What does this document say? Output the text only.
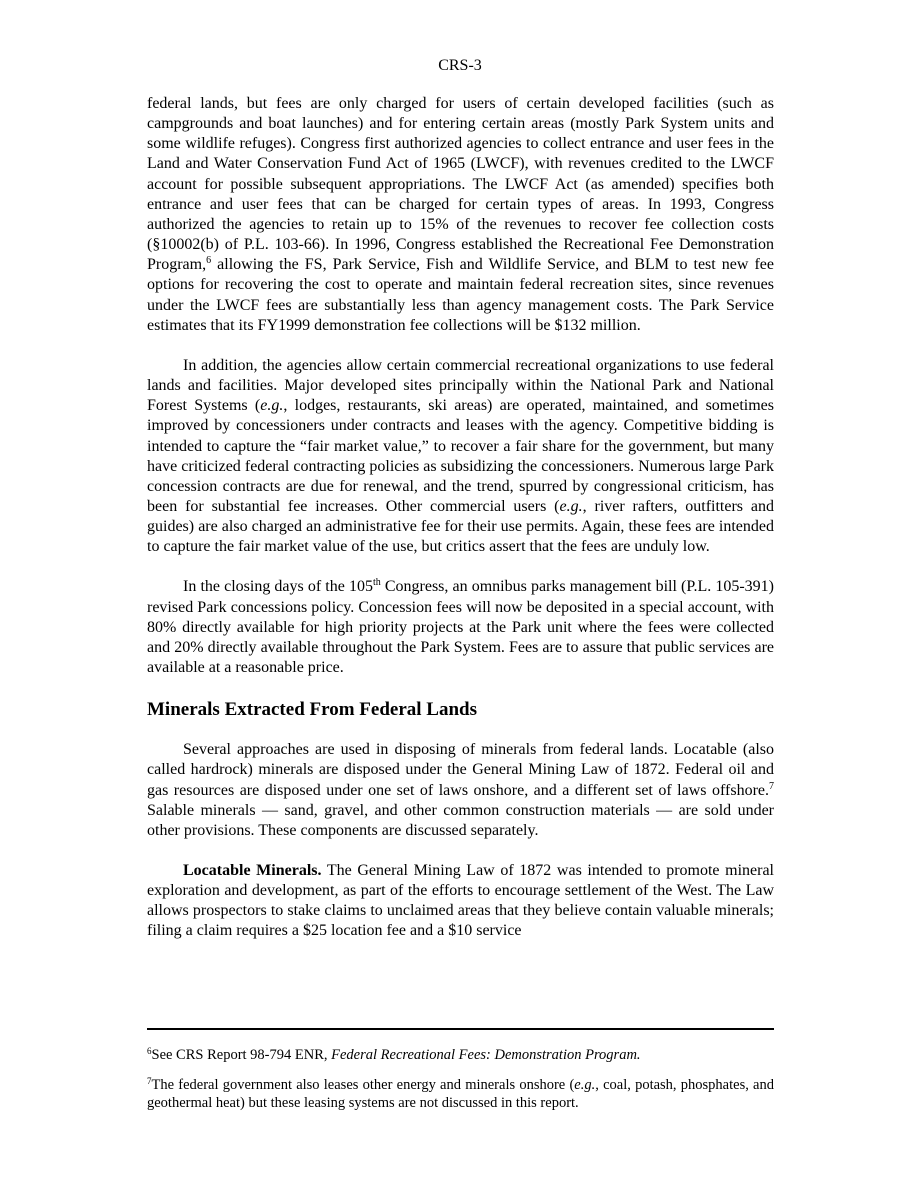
CRS-3

federal lands, but fees are only charged for users of certain developed facilities (such as campgrounds and boat launches) and for entering certain areas (mostly Park System units and some wildlife refuges). Congress first authorized agencies to collect entrance and user fees in the Land and Water Conservation Fund Act of 1965 (LWCF), with revenues credited to the LWCF account for possible subsequent appropriations. The LWCF Act (as amended) specifies both entrance and user fees that can be charged for certain types of areas. In 1993, Congress authorized the agencies to retain up to 15% of the revenues to recover fee collection costs (§10002(b) of P.L. 103-66). In 1996, Congress established the Recreational Fee Demonstration Program,$^6$ allowing the FS, Park Service, Fish and Wildlife Service, and BLM to test new fee options for recovering the cost to operate and maintain federal recreation sites, since revenues under the LWCF fees are substantially less than agency management costs. The Park Service estimates that its FY1999 demonstration fee collections will be $132 million.

In addition, the agencies allow certain commercial recreational organizations to use federal lands and facilities. Major developed sites principally within the National Park and National Forest Systems (e.g., lodges, restaurants, ski areas) are operated, maintained, and sometimes improved by concessioners under contracts and leases with the agency. Competitive bidding is intended to capture the “fair market value,” to recover a fair share for the government, but many have criticized federal contracting policies as subsidizing the concessioners. Numerous large Park concession contracts are due for renewal, and the trend, spurred by congressional criticism, has been for substantial fee increases. Other commercial users (e.g., river rafters, outfitters and guides) are also charged an administrative fee for their use permits. Again, these fees are intended to capture the fair market value of the use, but critics assert that the fees are unduly low.

In the closing days of the 105th Congress, an omnibus parks management bill (P.L. 105-391) revised Park concessions policy. Concession fees will now be deposited in a special account, with 80% directly available for high priority projects at the Park unit where the fees were collected and 20% directly available throughout the Park System. Fees are to assure that public services are available at a reasonable price.

Minerals Extracted From Federal Lands

Several approaches are used in disposing of minerals from federal lands. Locatable (also called hardrock) minerals are disposed under the General Mining Law of 1872. Federal oil and gas resources are disposed under one set of laws onshore, and a different set of laws offshore.$^7$ Salable minerals — sand, gravel, and other common construction materials — are sold under other provisions. These components are discussed separately.

Locatable Minerals. The General Mining Law of 1872 was intended to promote mineral exploration and development, as part of the efforts to encourage settlement of the West. The Law allows prospectors to stake claims to unclaimed areas that they believe contain valuable minerals; filing a claim requires a $25 location fee and a $10 service

$^6$See CRS Report 98-794 ENR, Federal Recreational Fees: Demonstration Program.

$^7$The federal government also leases other energy and minerals onshore (e.g., coal, potash, phosphates, and geothermal heat) but these leasing systems are not discussed in this report.
